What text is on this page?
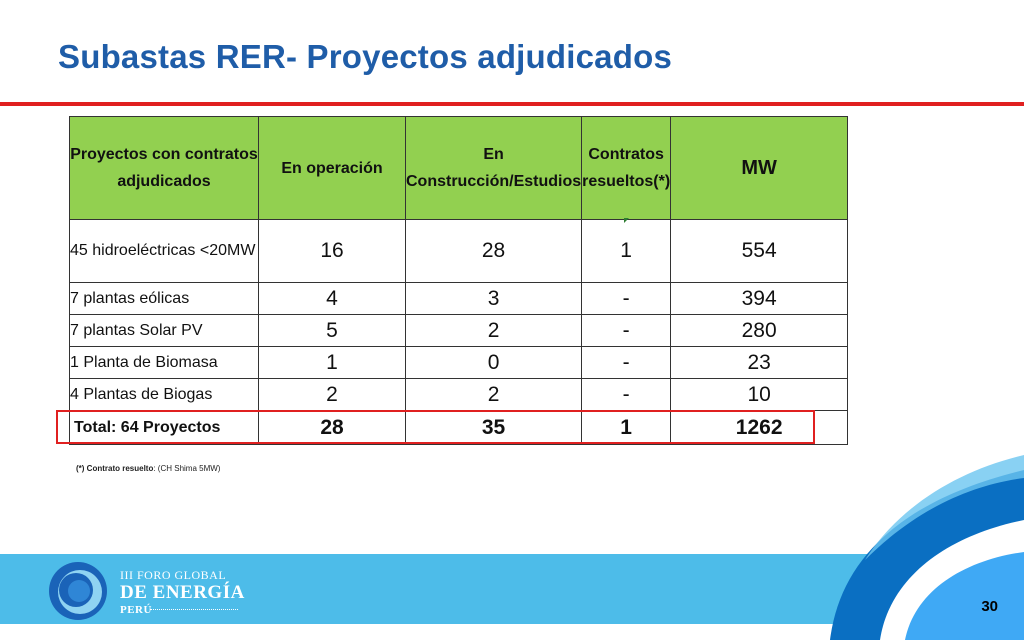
Subastas RER- Proyectos adjudicados
Proyectos con contratos adjudicados	En operación	En Construcción/Estudios	Contratos resueltos(*)	MW
45 hidroeléctricas <20MW	16	28	1	554
7 plantas eólicas	4	3	-	394
7 plantas Solar PV	5	2	-	280
1 Planta de Biomasa	1	0	-	23
4 Plantas de Biogas	2	2	-	10
Total: 64 Proyectos	28	35	1	1262
(*) Contrato resuelto: (CH Shima 5MW)
III FORO GLOBAL
DE ENERGÍA
PERÚ	30
